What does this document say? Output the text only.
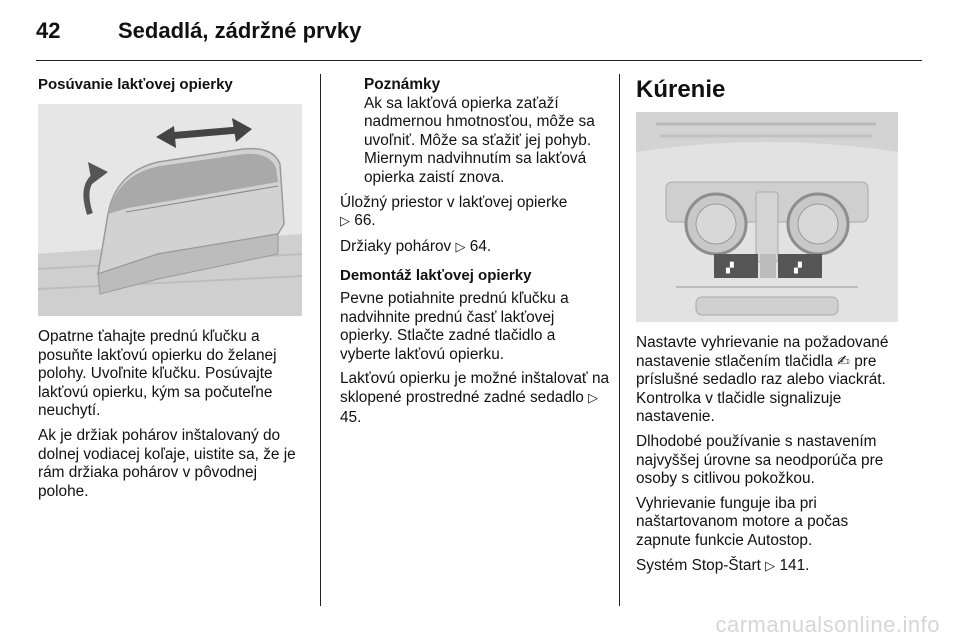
42	Sedadlá, zádržné prvky
Posúvanie lakťovej opierky

Opatrne ťahajte prednú kľučku a posuňte lakťovú opierku do želanej polohy. Uvoľnite kľučku. Posúvajte lakťovú opierku, kým sa počuteľne neuchytí.

Ak je držiak pohárov inštalovaný do dolnej vodiacej koľaje, uistite sa, že je rám držiaka pohárov v pôvodnej polohe.

Poznámky
Ak sa lakťová opierka zaťaží nadmernou hmotnosťou, môže sa uvoľniť. Môže sa sťažiť jej pohyb. Miernym nadvihnutím sa lakťová opierka zaistí znova.

Úložný priestor v lakťovej opierke
▷ 66.

Držiaky pohárov ▷ 64.

Demontáž lakťovej opierky

Pevne potiahnite prednú kľučku a nadvihnite prednú časť lakťovej opierky. Stlačte zadné tlačidlo a vyberte lakťovú opierku.

Lakťovú opierku je možné inštalovať na sklopené prostredné zadné sedadlo ▷ 45.

Kúrenie
▞	▞

Nastavte vyhrievanie na požadované nastavenie stlačením tlačidla ✍ pre príslušné sedadlo raz alebo viackrát. Kontrolka v tlačidle signalizuje nastavenie.

Dlhodobé používanie s nastavením najvyššej úrovne sa neodporúča pre osoby s citlivou pokožkou.

Vyhrievanie funguje iba pri naštartovanom motore a počas zapnute funkcie Autostop.

Systém Stop-Štart ▷ 141.

carmanualsonline.info
